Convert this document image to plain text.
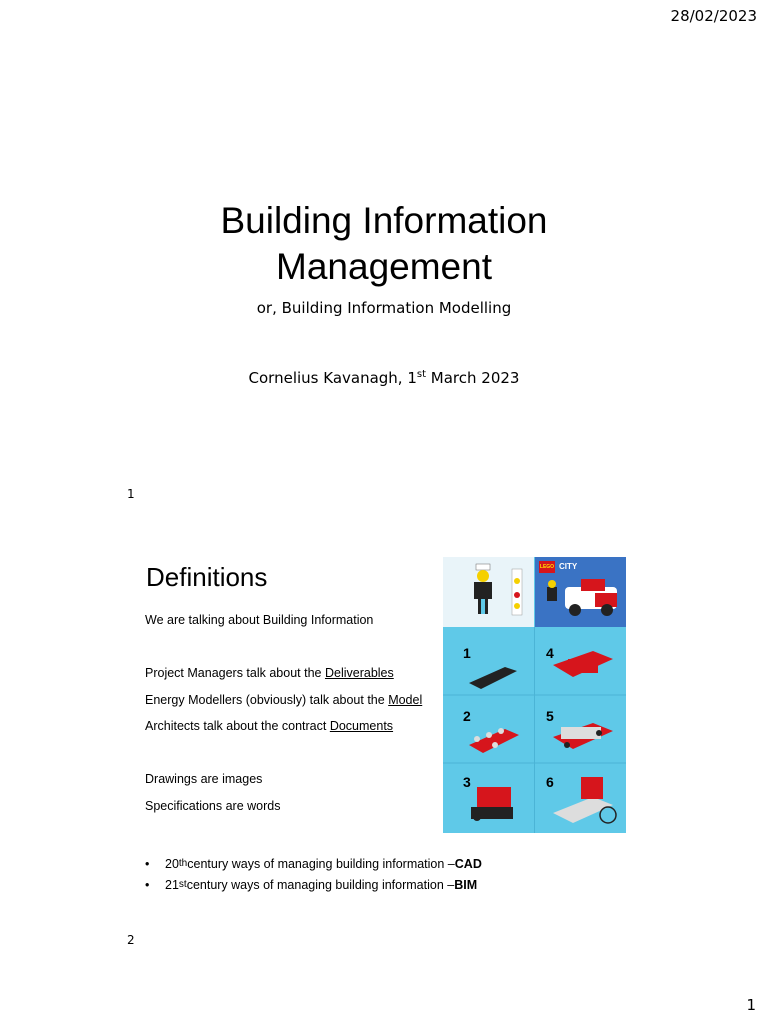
28/02/2023
Building Information
Management
or, Building Information Modelling
Cornelius Kavanagh, 1st March 2023
1
Definitions
We are talking about Building Information
Project Managers talk about the Deliverables
Energy Modellers (obviously) talk about the Model
Architects talk about the contract Documents
Drawings are images
Specifications are words
•	20 th century ways of managing building information – CAD
•	21 st century ways of managing building information – BIM
2
LEGO CITY
1	4
2	5
3	6
1
